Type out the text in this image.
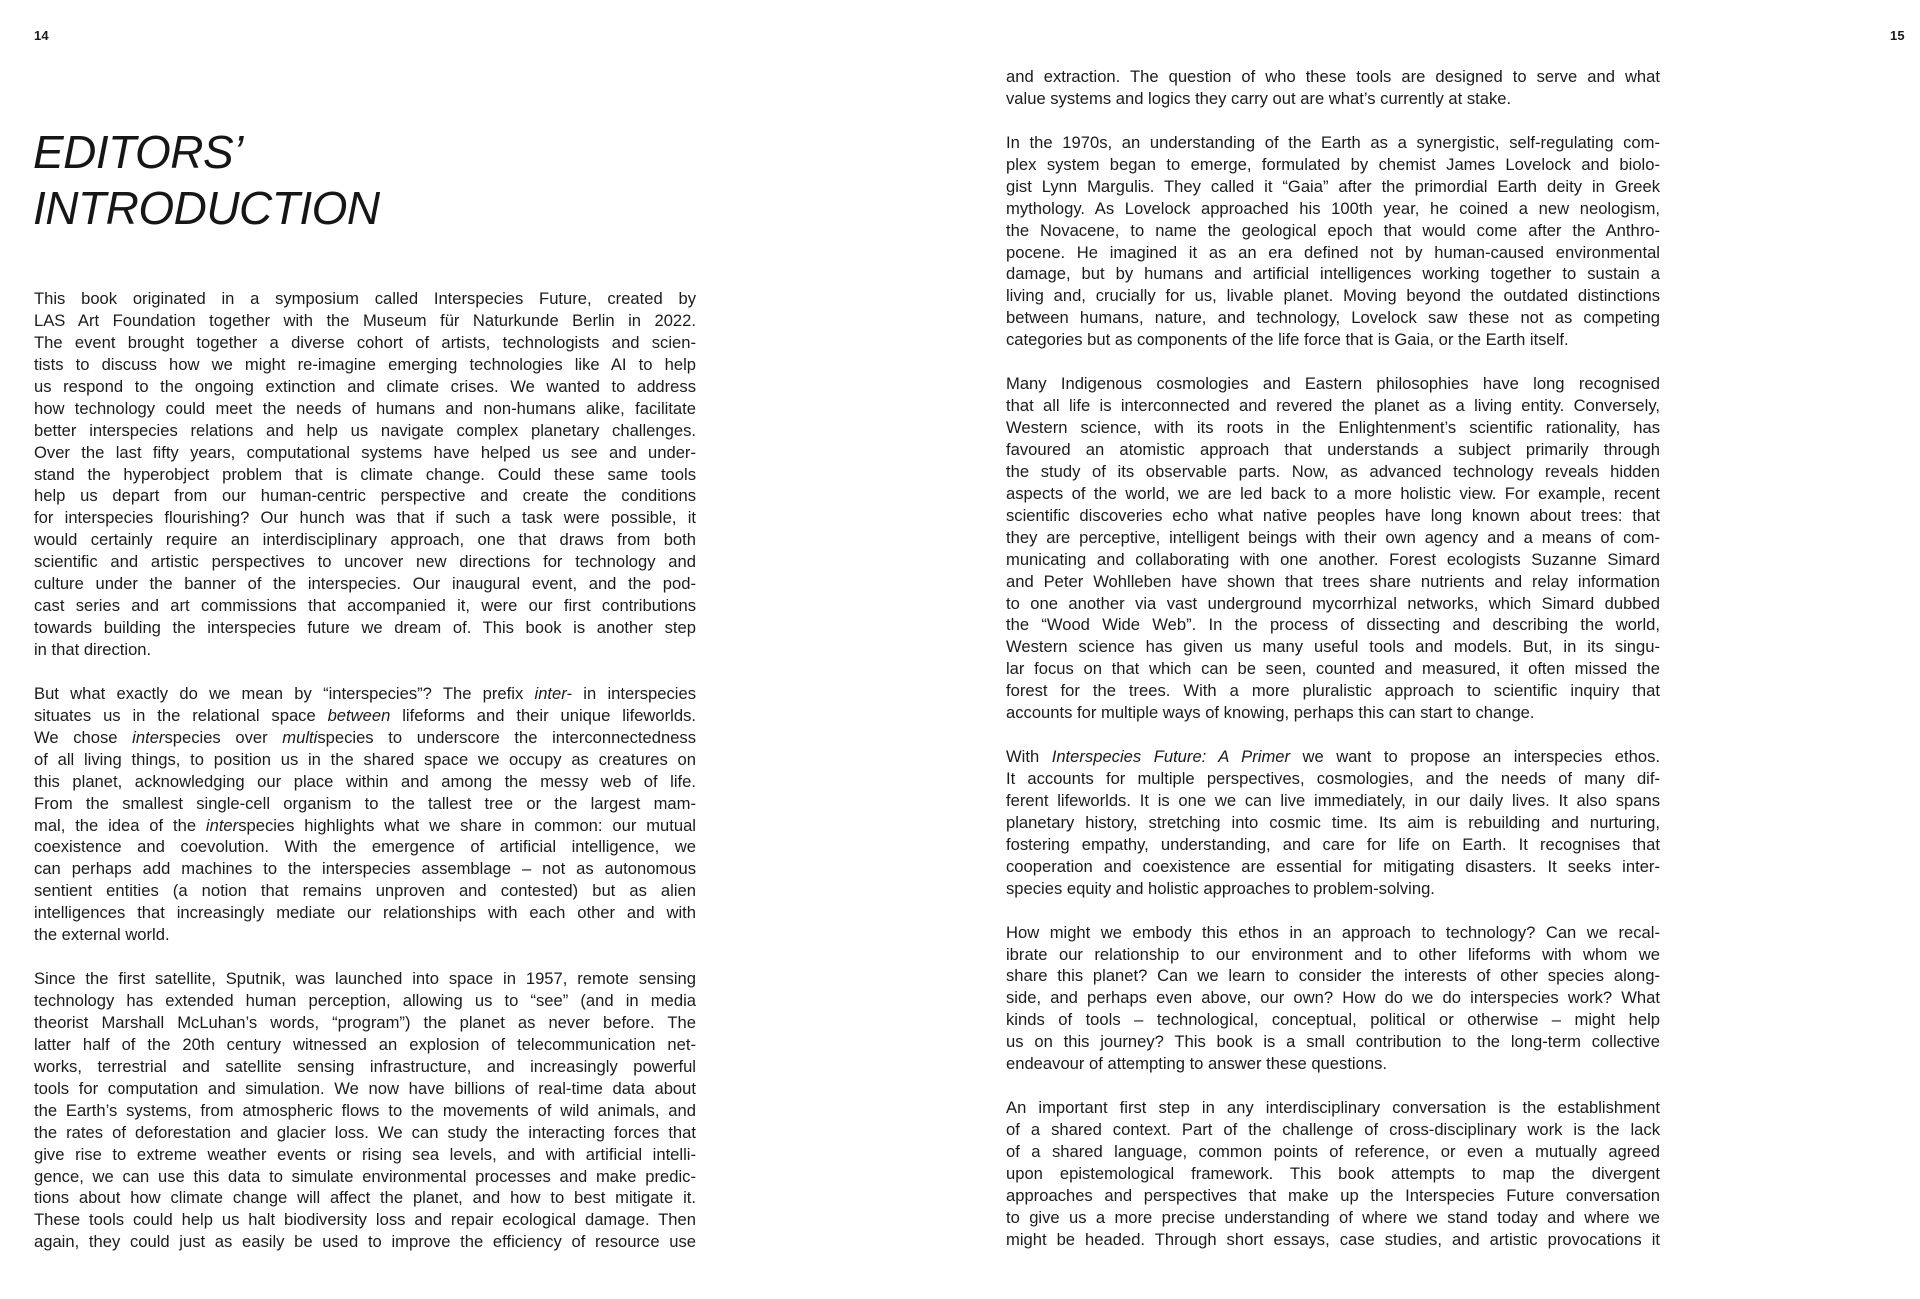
14	15
EDITORS’
INTRODUCTION

This book originated in a symposium called Interspecies Future, created by
LAS Art Foundation together with the Museum für Naturkunde Berlin in 2022.
The event brought together a diverse cohort of artists, technologists and scien-
tists to discuss how we might re-imagine emerging technologies like AI to help
us respond to the ongoing extinction and climate crises. We wanted to address
how technology could meet the needs of humans and non-humans alike, facilitate
better interspecies relations and help us navigate complex planetary challenges.
Over the last fifty years, computational systems have helped us see and under-
stand the hyperobject problem that is climate change. Could these same tools
help us depart from our human-centric perspective and create the conditions
for interspecies flourishing? Our hunch was that if such a task were possible, it
would certainly require an interdisciplinary approach, one that draws from both
scientific and artistic perspectives to uncover new directions for technology and
culture under the banner of the interspecies. Our inaugural event, and the pod-
cast series and art commissions that accompanied it, were our first contributions
towards building the interspecies future we dream of. This book is another step
in that direction.

But what exactly do we mean by “interspecies”? The prefix inter- in interspecies
situates us in the relational space between lifeforms and their unique lifeworlds.
We chose interspecies over multispecies to underscore the interconnectedness
of all living things, to position us in the shared space we occupy as creatures on
this planet, acknowledging our place within and among the messy web of life.
From the smallest single-cell organism to the tallest tree or the largest mam-
mal, the idea of the interspecies highlights what we share in common: our mutual
coexistence and coevolution. With the emergence of artificial intelligence, we
can perhaps add machines to the interspecies assemblage – not as autonomous
sentient entities (a notion that remains unproven and contested) but as alien
intelligences that increasingly mediate our relationships with each other and with
the external world.

Since the first satellite, Sputnik, was launched into space in 1957, remote sensing
technology has extended human perception, allowing us to “see” (and in media
theorist Marshall McLuhan’s words, “program”) the planet as never before. The
latter half of the 20th century witnessed an explosion of telecommunication net-
works, terrestrial and satellite sensing infrastructure, and increasingly powerful
tools for computation and simulation. We now have billions of real-time data about
the Earth’s systems, from atmospheric flows to the movements of wild animals, and
the rates of deforestation and glacier loss. We can study the interacting forces that
give rise to extreme weather events or rising sea levels, and with artificial intelli-
gence, we can use this data to simulate environmental processes and make predic-
tions about how climate change will affect the planet, and how to best mitigate it.
These tools could help us halt biodiversity loss and repair ecological damage. Then
again, they could just as easily be used to improve the efficiency of resource use

and extraction. The question of who these tools are designed to serve and what
value systems and logics they carry out are what’s currently at stake.

In the 1970s, an understanding of the Earth as a synergistic, self-regulating com-
plex system began to emerge, formulated by chemist James Lovelock and biolo-
gist Lynn Margulis. They called it “Gaia” after the primordial Earth deity in Greek
mythology. As Lovelock approached his 100th year, he coined a new neologism,
the Novacene, to name the geological epoch that would come after the Anthro-
pocene. He imagined it as an era defined not by human-caused environmental
damage, but by humans and artificial intelligences working together to sustain a
living and, crucially for us, livable planet. Moving beyond the outdated distinctions
between humans, nature, and technology, Lovelock saw these not as competing
categories but as components of the life force that is Gaia, or the Earth itself.

Many Indigenous cosmologies and Eastern philosophies have long recognised
that all life is interconnected and revered the planet as a living entity. Conversely,
Western science, with its roots in the Enlightenment’s scientific rationality, has
favoured an atomistic approach that understands a subject primarily through
the study of its observable parts. Now, as advanced technology reveals hidden
aspects of the world, we are led back to a more holistic view. For example, recent
scientific discoveries echo what native peoples have long known about trees: that
they are perceptive, intelligent beings with their own agency and a means of com-
municating and collaborating with one another. Forest ecologists Suzanne Simard
and Peter Wohlleben have shown that trees share nutrients and relay information
to one another via vast underground mycorrhizal networks, which Simard dubbed
the “Wood Wide Web”. In the process of dissecting and describing the world,
Western science has given us many useful tools and models. But, in its singu-
lar focus on that which can be seen, counted and measured, it often missed the
forest for the trees. With a more pluralistic approach to scientific inquiry that
accounts for multiple ways of knowing, perhaps this can start to change.

With Interspecies Future: A Primer we want to propose an interspecies ethos.
It accounts for multiple perspectives, cosmologies, and the needs of many dif-
ferent lifeworlds. It is one we can live immediately, in our daily lives. It also spans
planetary history, stretching into cosmic time. Its aim is rebuilding and nurturing,
fostering empathy, understanding, and care for life on Earth. It recognises that
cooperation and coexistence are essential for mitigating disasters. It seeks inter-
species equity and holistic approaches to problem-solving.

How might we embody this ethos in an approach to technology? Can we recal-
ibrate our relationship to our environment and to other lifeforms with whom we
share this planet? Can we learn to consider the interests of other species along-
side, and perhaps even above, our own? How do we do interspecies work? What
kinds of tools – technological, conceptual, political or otherwise – might help
us on this journey? This book is a small contribution to the long-term collective
endeavour of attempting to answer these questions.

An important first step in any interdisciplinary conversation is the establishment
of a shared context. Part of the challenge of cross-disciplinary work is the lack
of a shared language, common points of reference, or even a mutually agreed
upon epistemological framework. This book attempts to map the divergent
approaches and perspectives that make up the Interspecies Future conversation
to give us a more precise understanding of where we stand today and where we
might be headed. Through short essays, case studies, and artistic provocations it
